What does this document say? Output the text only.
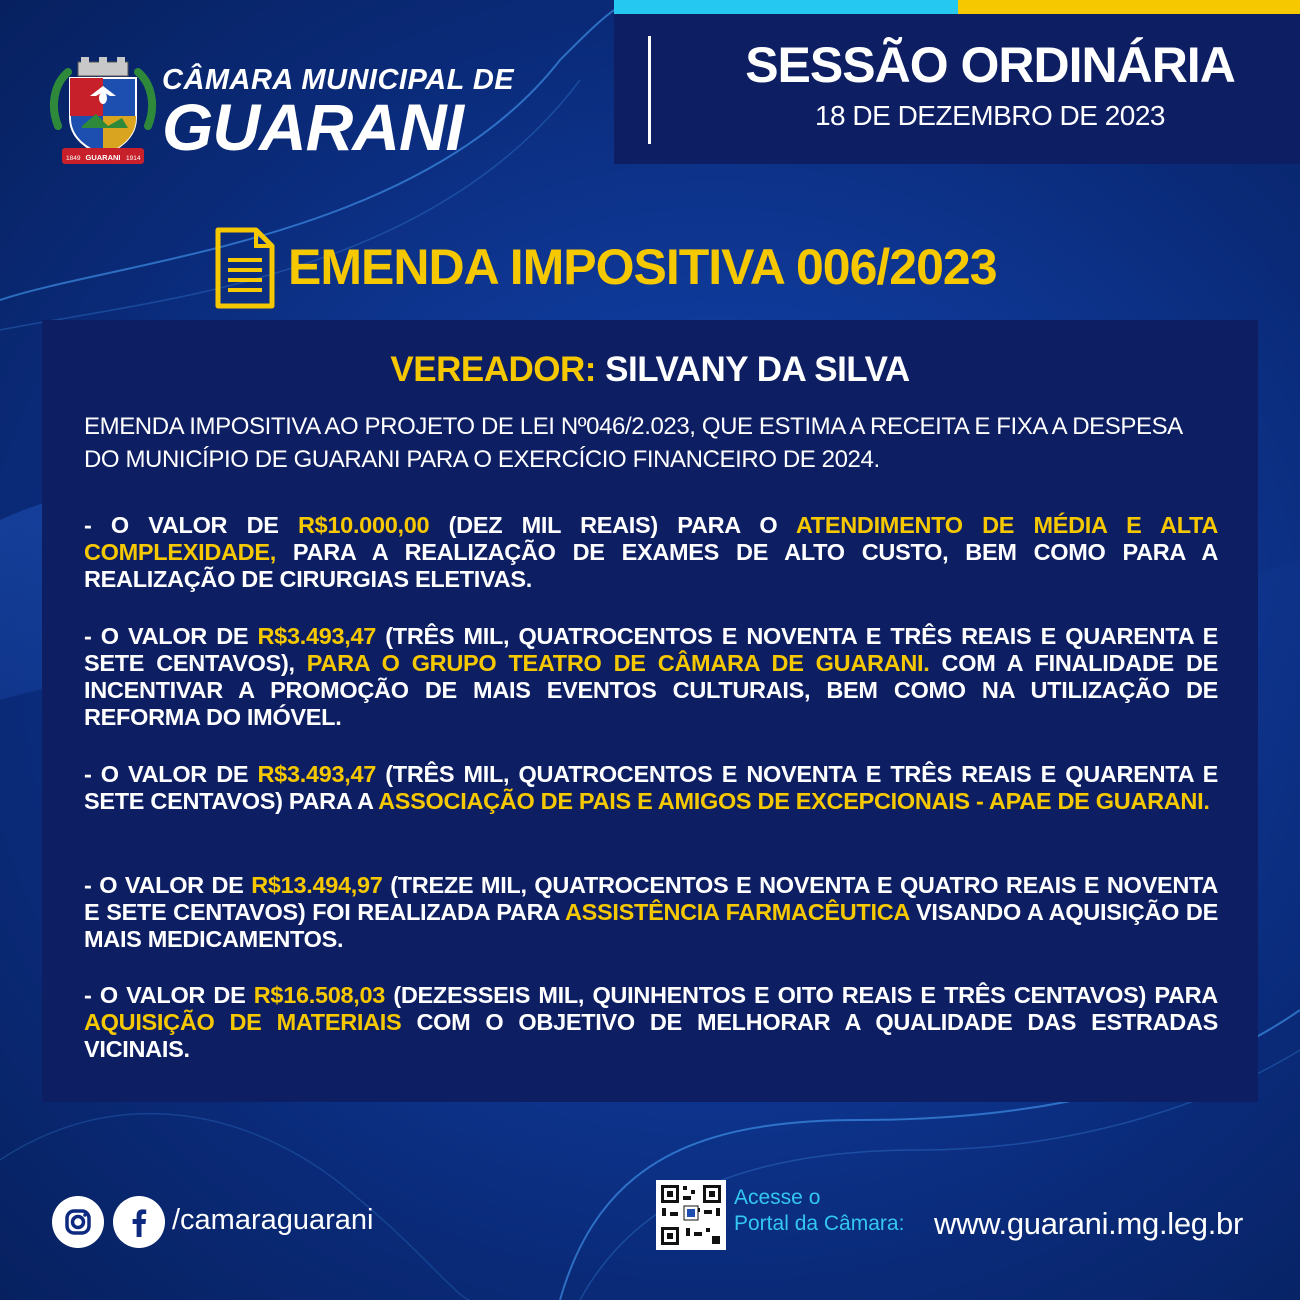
1849 GUARANI 1914
CÂMARA MUNICIPAL DE
GUARANI
SESSÃO ORDINÁRIA
18 DE DEZEMBRO DE 2023
EMENDA IMPOSITIVA 006/2023
VEREADOR: SILVANY DA SILVA
EMENDA IMPOSITIVA AO PROJETO DE LEI Nº046/2.023, QUE ESTIMA A RECEITA E FIXA A DESPESA DO MUNICÍPIO DE GUARANI PARA O EXERCÍCIO FINANCEIRO DE 2024.
- O VALOR DE R$10.000,00 (DEZ MIL REAIS) PARA O ATENDIMENTO DE MÉDIA E ALTA COMPLEXIDADE, PARA A REALIZAÇÃO DE EXAMES DE ALTO CUSTO, BEM COMO PARA A REALIZAÇÃO DE CIRURGIAS ELETIVAS.
- O VALOR DE R$3.493,47 (TRÊS MIL, QUATROCENTOS E NOVENTA E TRÊS REAIS E QUARENTA E SETE CENTAVOS), PARA O GRUPO TEATRO DE CÂMARA DE GUARANI. COM A FINALIDADE DE INCENTIVAR A PROMOÇÃO DE MAIS EVENTOS CULTURAIS, BEM COMO NA UTILIZAÇÃO DE REFORMA DO IMÓVEL.
- O VALOR DE R$3.493,47 (TRÊS MIL, QUATROCENTOS E NOVENTA E TRÊS REAIS E QUARENTA E SETE CENTAVOS) PARA A ASSOCIAÇÃO DE PAIS E AMIGOS DE EXCEPCIONAIS - APAE DE GUARANI.
- O VALOR DE R$13.494,97 (TREZE MIL, QUATROCENTOS E NOVENTA E QUATRO REAIS E NOVENTA E SETE CENTAVOS) FOI REALIZADA PARA ASSISTÊNCIA FARMACÊUTICA VISANDO A AQUISIÇÃO DE MAIS MEDICAMENTOS.
- O VALOR DE R$16.508,03 (DEZESSEIS MIL, QUINHENTOS E OITO REAIS E TRÊS CENTAVOS) PARA AQUISIÇÃO DE MATERIAIS COM O OBJETIVO DE MELHORAR A QUALIDADE DAS ESTRADAS VICINAIS.
/camaraguarani
Acesse o
Portal da Câmara: www.guarani.mg.leg.br
